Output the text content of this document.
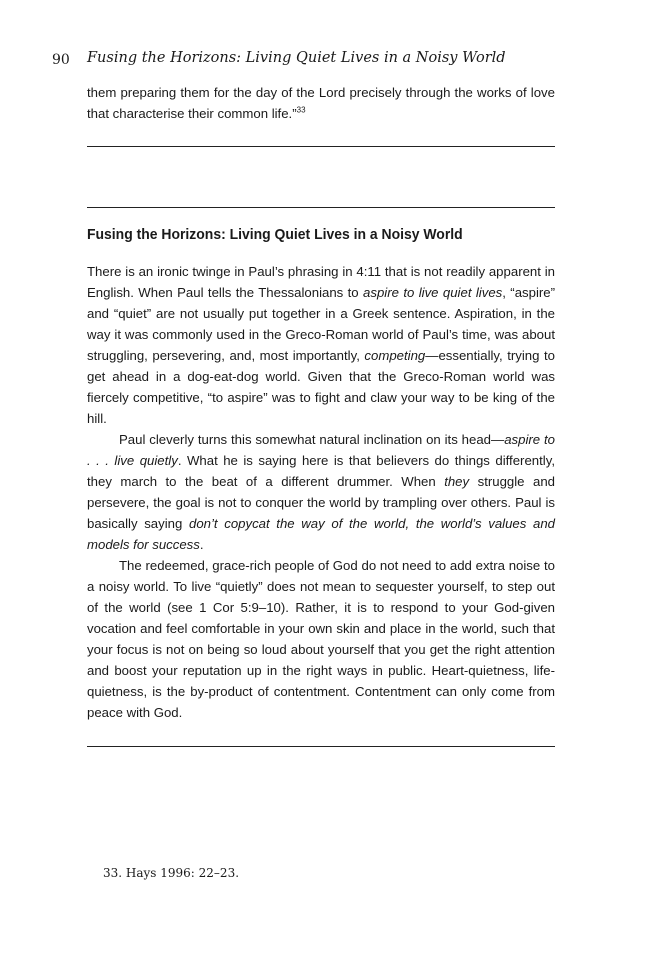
90 Fusing the Horizons: Living Quiet Lives in a Noisy World

them preparing them for the day of the Lord precisely through the works of love that characterise their common life.”$^{33}$

Fusing the Horizons: Living Quiet Lives in a Noisy World

There is an ironic twinge in Paul’s phrasing in 4:11 that is not readily apparent in English. When Paul tells the Thessalonians to aspire to live quiet lives, “aspire” and “quiet” are not usually put together in a Greek sentence. Aspiration, in the way it was commonly used in the Greco-Roman world of Paul’s time, was about struggling, persevering, and, most importantly, competing—essentially, trying to get ahead in a dog-eat-dog world. Given that the Greco-Roman world was fiercely competitive, “to aspire” was to fight and claw your way to be king of the hill.

Paul cleverly turns this somewhat natural inclination on its head—aspire to . . . live quietly. What he is saying here is that believers do things differently, they march to the beat of a different drummer. When they struggle and persevere, the goal is not to conquer the world by trampling over others. Paul is basically saying don’t copycat the way of the world, the world’s values and models for success.

The redeemed, grace-rich people of God do not need to add extra noise to a noisy world. To live “quietly” does not mean to sequester yourself, to step out of the world (see 1 Cor 5:9–10). Rather, it is to respond to your God-given vocation and feel comfortable in your own skin and place in the world, such that your focus is not on being so loud about yourself that you get the right attention and boost your reputation up in the right ways in public. Heart-quietness, life-quietness, is the by-product of contentment. Contentment can only come from peace with God.

33. Hays 1996: 22–23.
